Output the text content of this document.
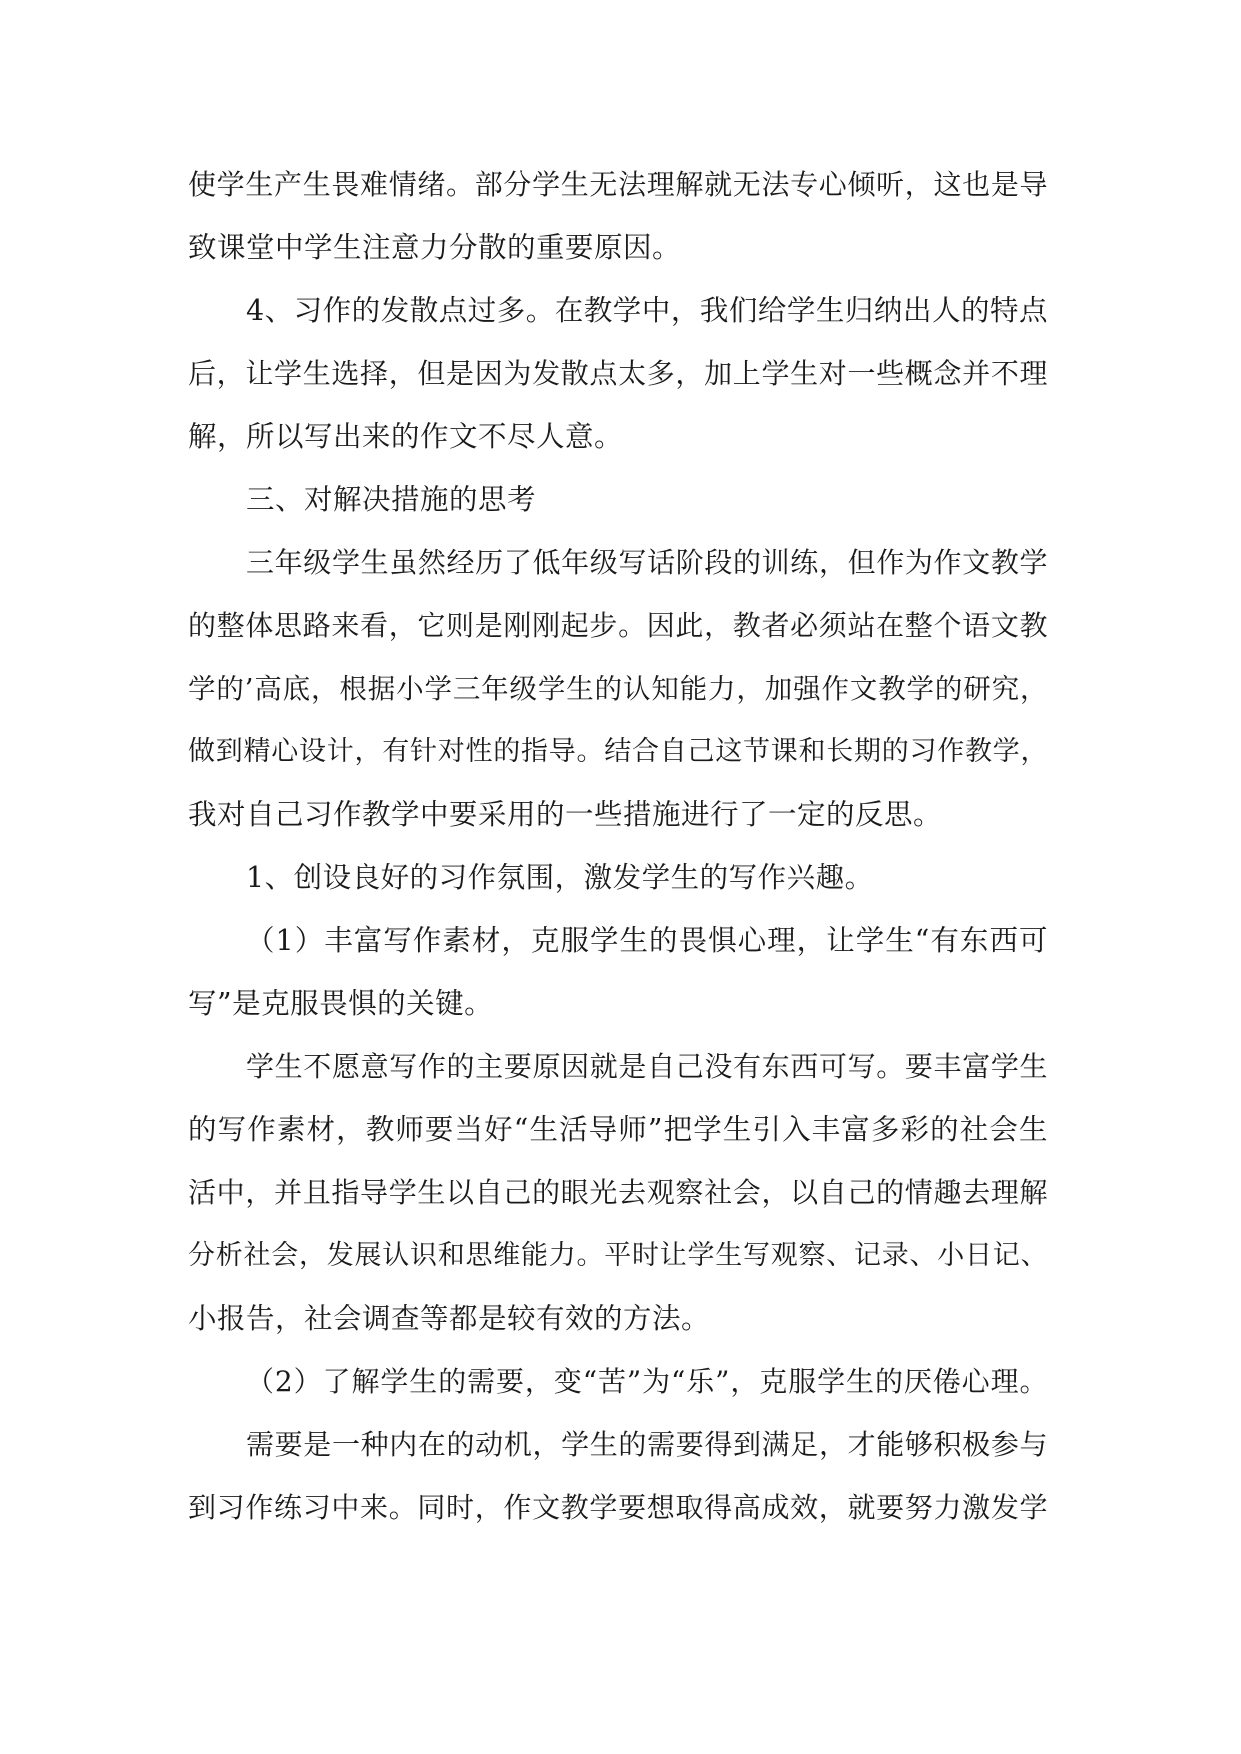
使学生产生畏难情绪。部分学生无法理解就无法专心倾听，这也是导
致课堂中学生注意力分散的重要原因。
4、习作的发散点过多。在教学中，我们给学生归纳出人的特点
后，让学生选择，但是因为发散点太多，加上学生对一些概念并不理
解，所以写出来的作文不尽人意。
三、对解决措施的思考
三年级学生虽然经历了低年级写话阶段的训练，但作为作文教学
的整体思路来看，它则是刚刚起步。因此，教者必须站在整个语文教
学的’高底，根据小学三年级学生的认知能力，加强作文教学的研究，
做到精心设计，有针对性的指导。结合自己这节课和长期的习作教学，
我对自己习作教学中要采用的一些措施进行了一定的反思。
1、创设良好的习作氛围，激发学生的写作兴趣。
（1）丰富写作素材，克服学生的畏惧心理，让学生“有东西可
写”是克服畏惧的关键。
学生不愿意写作的主要原因就是自己没有东西可写。要丰富学生
的写作素材，教师要当好“生活导师”把学生引入丰富多彩的社会生
活中，并且指导学生以自己的眼光去观察社会，以自己的情趣去理解
分析社会，发展认识和思维能力。平时让学生写观察、记录、小日记、
小报告，社会调查等都是较有效的方法。
（2）了解学生的需要，变“苦”为“乐”，克服学生的厌倦心理。
需要是一种内在的动机，学生的需要得到满足，才能够积极参与
到习作练习中来。同时，作文教学要想取得高成效，就要努力激发学
